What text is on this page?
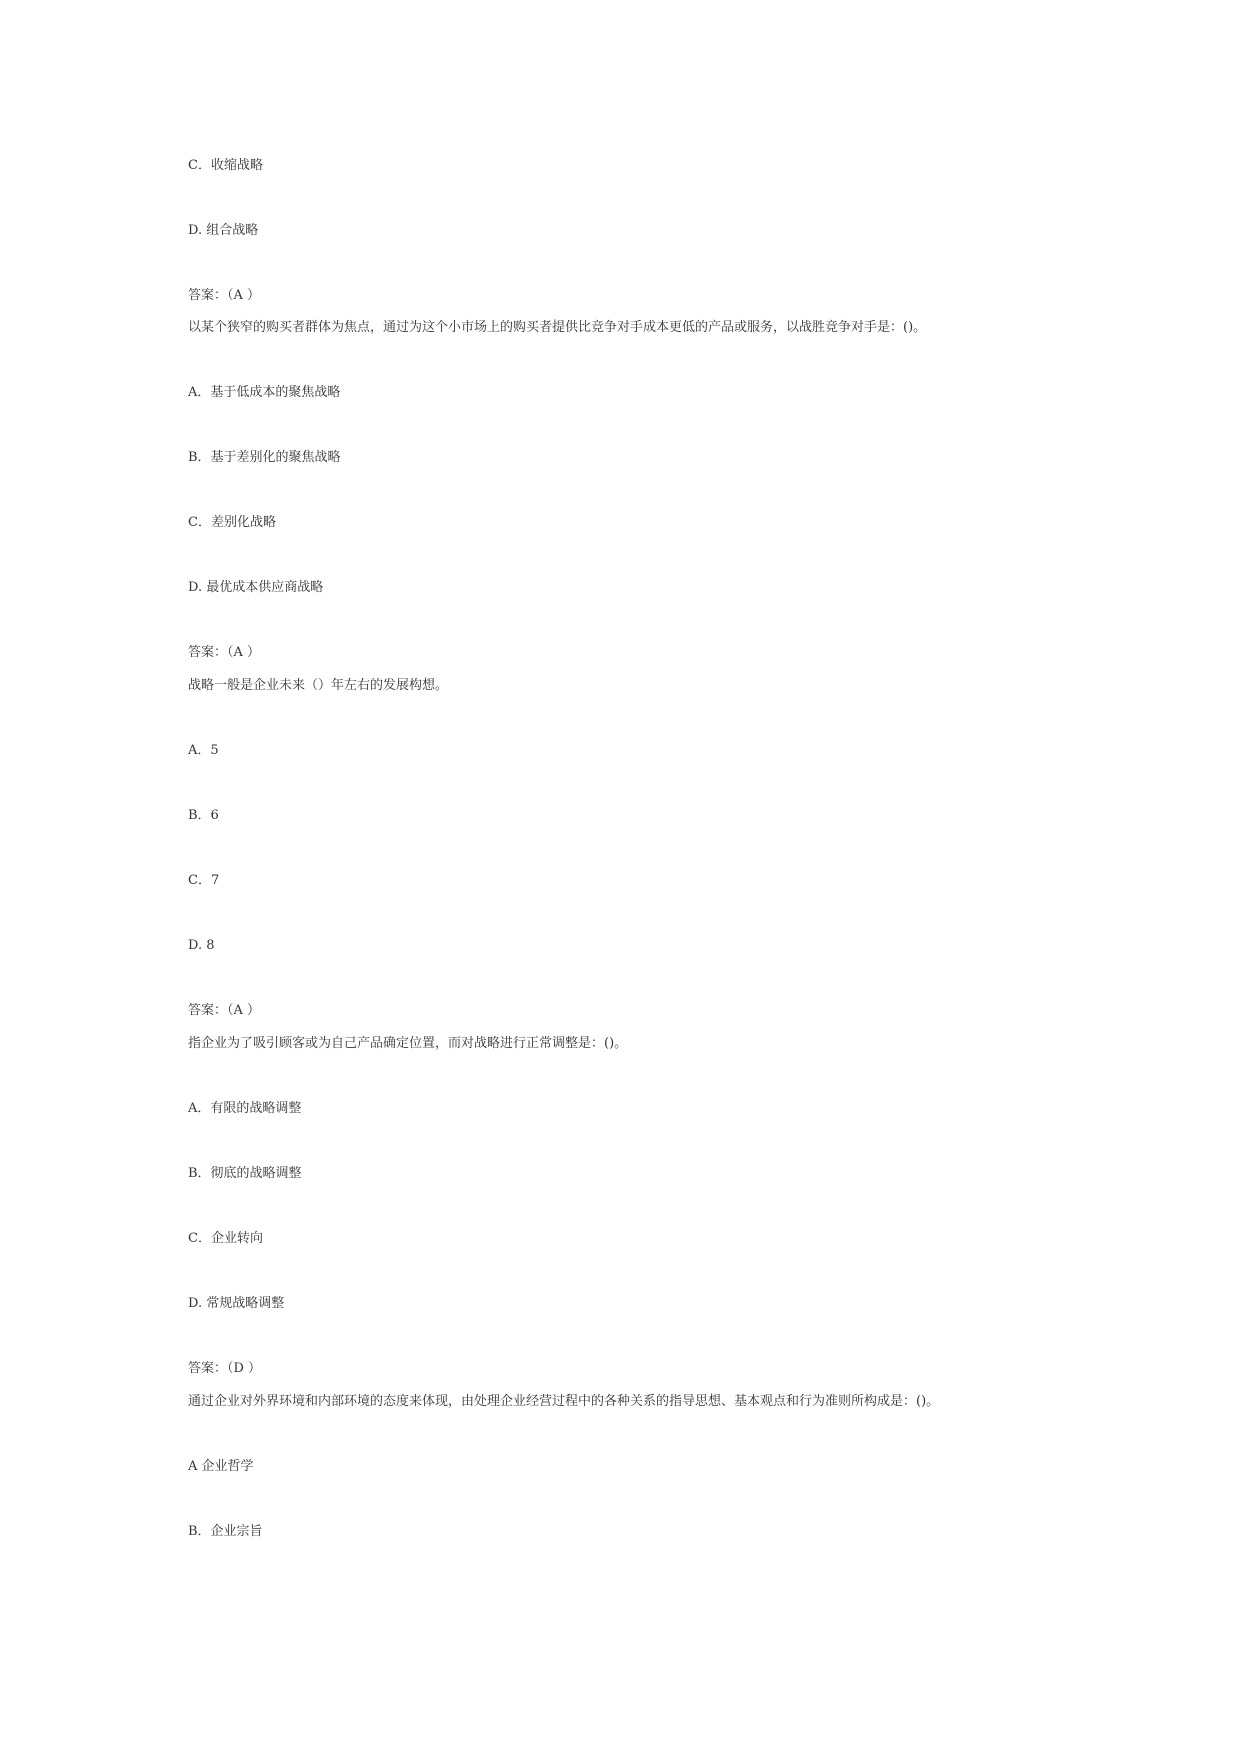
C．收缩战略
D. 组合战略
答案：（A ）
以某个狭窄的购买者群体为焦点，通过为这个小市场上的购买者提供比竞争对手成本更低的产品或服务，以战胜竞争对手是：()。
A．基于低成本的聚焦战略
B．基于差别化的聚焦战略
C．差别化战略
D. 最优成本供应商战略
答案：（A ）
战略一般是企业未来（）年左右的发展构想。
A．5
B．6
C．7
D. 8
答案：（A ）
指企业为了吸引顾客或为自己产品确定位置，而对战略进行正常调整是：()。
A．有限的战略调整
B．彻底的战略调整
C．企业转向
D. 常规战略调整
答案：（D ）
通过企业对外界环境和内部环境的态度来体现，由处理企业经营过程中的各种关系的指导思想、基本观点和行为准则所构成是：()。
A 企业哲学
B．企业宗旨
